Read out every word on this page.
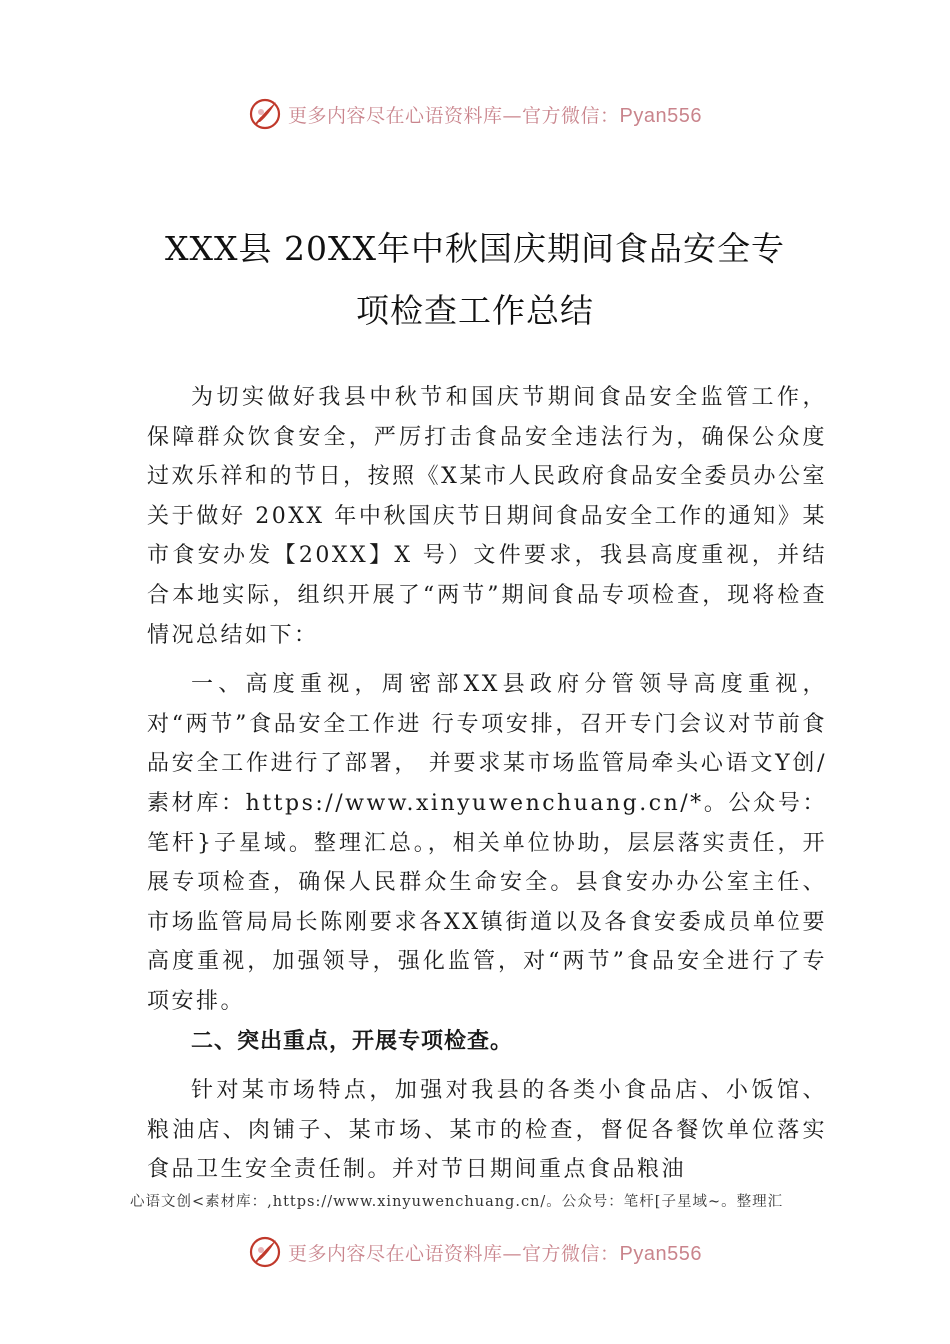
更多内容尽在心语资料库—官方微信：Pyan556
XXX县 20XX年中秋国庆期间食品安全专
项检查工作总结

为切实做好我县中秋节和国庆节期间食品安全监管工作，保障群众饮食安全，严厉打击食品安全违法行为，确保公众度过欢乐祥和的节日，按照《X某市人民政府食品安全委员办公室关于做好 20XX 年中秋国庆节日期间食品安全工作的通知》某市食安办发【20XX】X 号）文件要求，我县高度重视，并结合本地实际，组织开展了“两节”期间食品专项检查，现将检查情况总结如下：

一、高度重视，周密部XX县政府分管领导高度重视，对“两节”食品安全工作进 行专项安排，召开专门会议对节前食品安全工作进行了部署， 并要求某市场监管局牵头心语文Y创/素材库：https://www.xinyuwenchuang.cn/*。公众号：笔杆}子星域。整理汇总。，相关单位协助，层层落实责任，开展专项检查，确保人民群众生命安全。县食安办办公室主任、市场监管局局长陈刚要求各XX镇街道以及各食安委成员单位要高度重视，加强领导，强化监管，对“两节”食品安全进行了专项安排。

二、突出重点，开展专项检查。

针对某市场特点，加强对我县的各类小食品店、小饭馆、粮油店、肉铺子、某市场、某市的检查，督促各餐饮单位落实食品卫生安全责任制。并对节日期间重点食品粮油

心语文创<素材库：,https://www.xinyuwenchuang.cn/。公众号：笔杆[子星域~。整理汇
更多内容尽在心语资料库—官方微信：Pyan556
